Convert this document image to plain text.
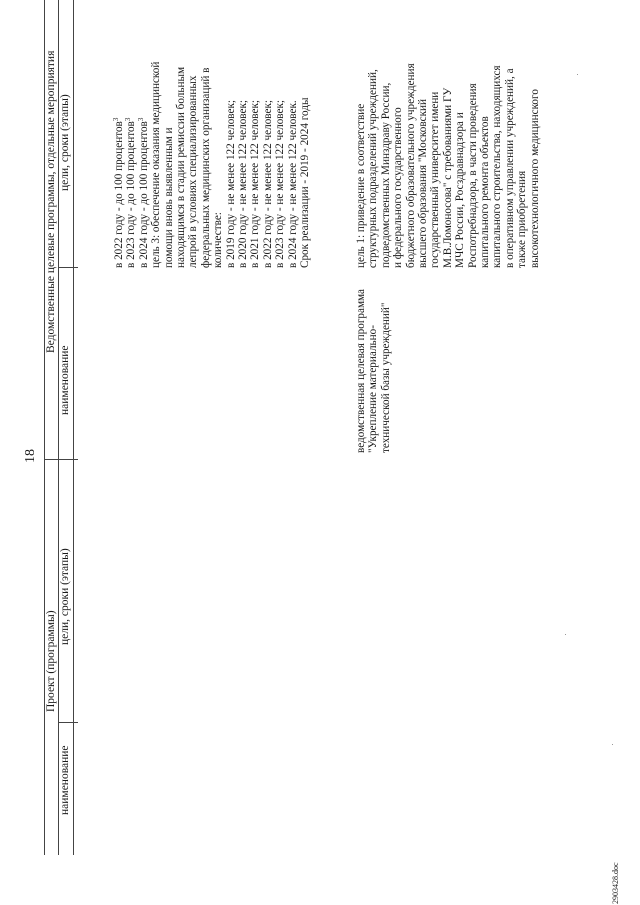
18
Проект (программы)
Ведомственные целевые программы, отдельные мероприятия
наименование
цели, сроки (этапы)
наименование
цели, сроки (этапы)	в 2022 году - до 100 процентов$^3$
в 2023 году - до 100 процентов$^3$
в 2024 году - до 100 процентов$^3$ цель 3: обеспечение оказания медицинской помощи вновь выявленным и находящимся в стадии ремиссии больным лепрой в условиях специализированных федеральных медицинских организаций в количестве: в 2019 году - не менее 122 человек; в 2020 году - не менее 122 человек; в 2021 году - не менее 122 человек; в 2022 году - не менее 122 человек; в 2023 году - не менее 122 человек; в 2024 году - не менее 122 человек. Срок реализации - 2019 - 2024 годы
ведомственная целевая программа "Укрепление материально- технической базы учреждений"
цель 1: приведение в соответствие структурных подразделений учреждений, подведомственных Минздраву России, и федерального государственного бюджетного образовательного учреждения высшего образования "Московский государственный университет имени М.В.Ломоносова" с требованиями ГУ МЧС России, Росздравнадзора и Роспотребнадзора, в части проведения капитального ремонта объектов капитального строительства, находящихся в оперативном управлении учреждений, а также приобретения высокотехнологичного медицинского
2903428.doc
